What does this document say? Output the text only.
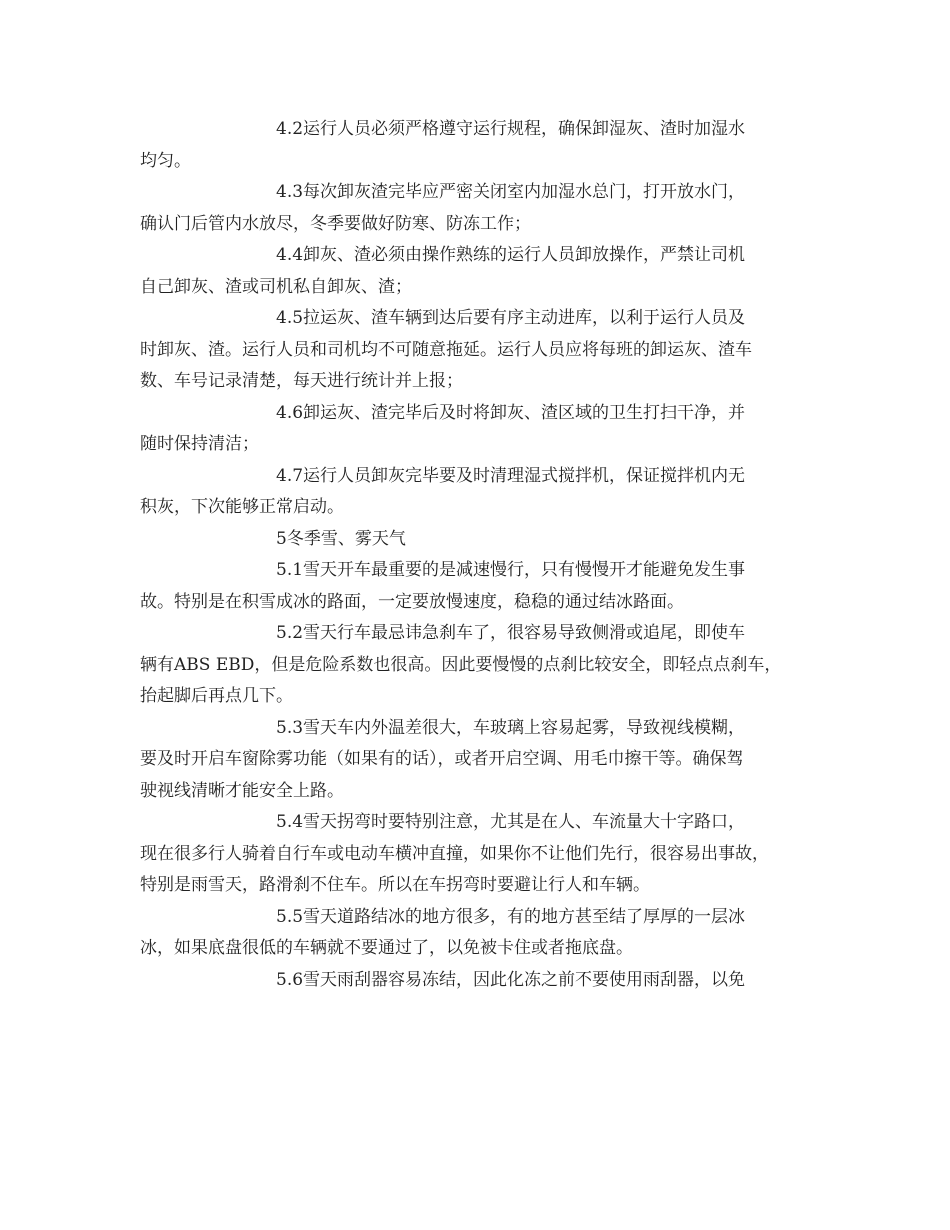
4.2运行人员必须严格遵守运行规程，确保卸湿灰、渣时加湿水
均匀。
4.3每次卸灰渣完毕应严密关闭室内加湿水总门，打开放水门，
确认门后管内水放尽，冬季要做好防寒、防冻工作；
4.4卸灰、渣必须由操作熟练的运行人员卸放操作，严禁让司机
自己卸灰、渣或司机私自卸灰、渣；
4.5拉运灰、渣车辆到达后要有序主动进库，以利于运行人员及
时卸灰、渣。运行人员和司机均不可随意拖延。运行人员应将每班的卸运灰、渣车
数、车号记录清楚，每天进行统计并上报；
4.6卸运灰、渣完毕后及时将卸灰、渣区域的卫生打扫干净，并
随时保持清洁；
4.7运行人员卸灰完毕要及时清理湿式搅拌机，保证搅拌机内无
积灰，下次能够正常启动。
5冬季雪、雾天气
5.1雪天开车最重要的是减速慢行，只有慢慢开才能避免发生事
故。特别是在积雪成冰的路面，一定要放慢速度，稳稳的通过结冰路面。
5.2雪天行车最忌讳急刹车了，很容易导致侧滑或追尾，即使车
辆有ABS EBD，但是危险系数也很高。因此要慢慢的点刹比较安全，即轻点点刹车，
抬起脚后再点几下。
5.3雪天车内外温差很大，车玻璃上容易起雾，导致视线模糊，
要及时开启车窗除雾功能（如果有的话），或者开启空调、用毛巾擦干等。确保驾
驶视线清晰才能安全上路。
5.4雪天拐弯时要特别注意，尤其是在人、车流量大十字路口，
现在很多行人骑着自行车或电动车横冲直撞，如果你不让他们先行，很容易出事故，
特别是雨雪天，路滑刹不住车。所以在车拐弯时要避让行人和车辆。
5.5雪天道路结冰的地方很多，有的地方甚至结了厚厚的一层冰
冰，如果底盘很低的车辆就不要通过了，以免被卡住或者拖底盘。
5.6雪天雨刮器容易冻结，因此化冻之前不要使用雨刮器，以免
